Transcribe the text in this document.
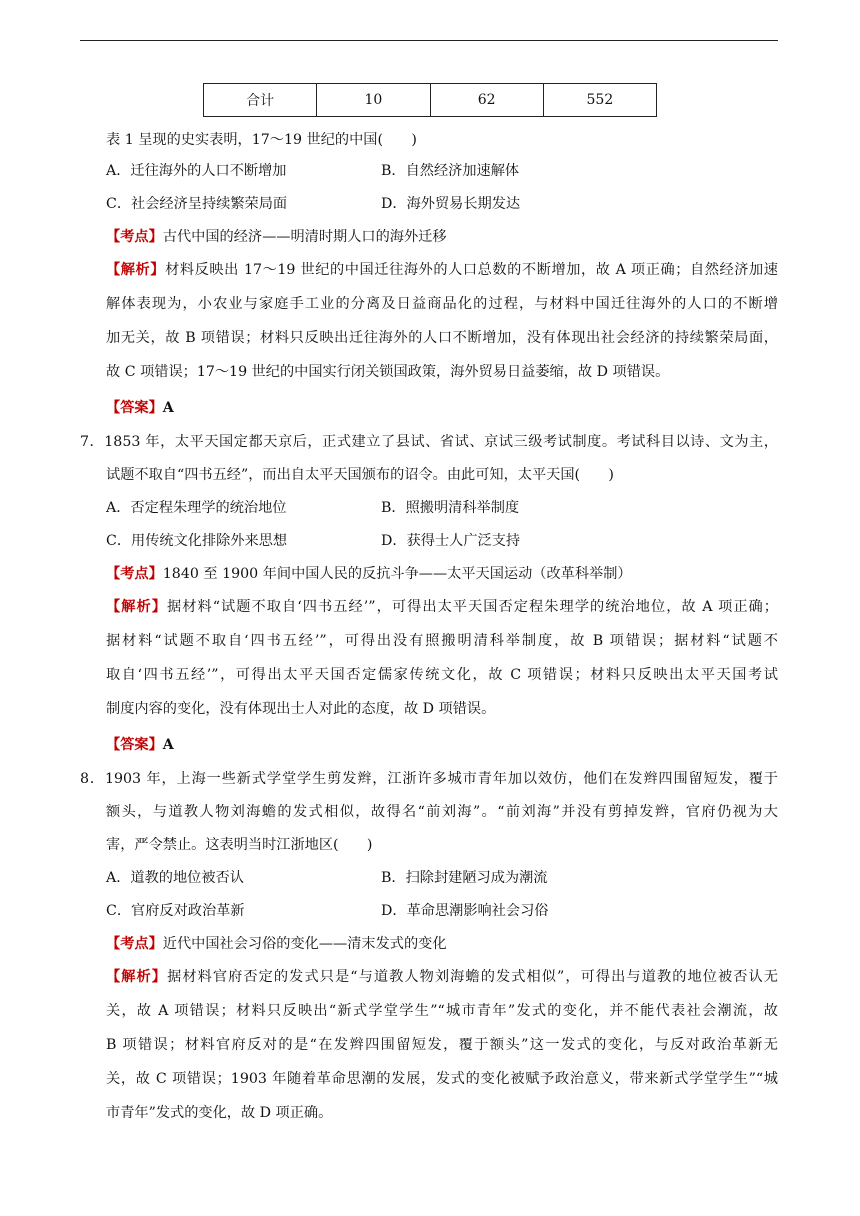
合计	10	62	552
表 1 呈现的史实表明，17～19 世纪的中国(　　)
A．迁往海外的人口不断增加	B．自然经济加速解体
C．社会经济呈持续繁荣局面	D．海外贸易长期发达
【考点】古代中国的经济——明清时期人口的海外迁移
【解析】材料反映出 17～19 世纪的中国迁往海外的人口总数的不断增加，故 A 项正确；自然经济加速
解体表现为，小农业与家庭手工业的分离及日益商品化的过程，与材料中国迁往海外的人口的不断增
加无关，故 B 项错误；材料只反映出迁往海外的人口不断增加，没有体现出社会经济的持续繁荣局面，
故 C 项错误；17～19 世纪的中国实行闭关锁国政策，海外贸易日益萎缩，故 D 项错误。
【答案】A
7．1853 年，太平天国定都天京后，正式建立了县试、省试、京试三级考试制度。考试科目以诗、文为主，
试题不取自“四书五经”，而出自太平天国颁布的诏令。由此可知，太平天国(　　)
A．否定程朱理学的统治地位	B．照搬明清科举制度
C．用传统文化排除外来思想	D．获得士人广泛支持
【考点】1840 至 1900 年间中国人民的反抗斗争——太平天国运动（改革科举制）
【解析】据材料“试题不取自‘四书五经’”，可得出太平天国否定程朱理学的统治地位，故 A 项正确；
据材料“试题不取自‘四书五经’”，可得出没有照搬明清科举制度，故 B 项错误；据材料“试题不
取自‘四书五经’”，可得出太平天国否定儒家传统文化，故 C 项错误；材料只反映出太平天国考试
制度内容的变化，没有体现出士人对此的态度，故 D 项错误。
【答案】A
8．1903 年，上海一些新式学堂学生剪发辫，江浙许多城市青年加以效仿，他们在发辫四围留短发，覆于
额头，与道教人物刘海蟾的发式相似，故得名“前刘海”。“前刘海”并没有剪掉发辫，官府仍视为大
害，严令禁止。这表明当时江浙地区(　　)
A．道教的地位被否认	B．扫除封建陋习成为潮流
C．官府反对政治革新	D．革命思潮影响社会习俗
【考点】近代中国社会习俗的变化——清末发式的变化
【解析】据材料官府否定的发式只是“与道教人物刘海蟾的发式相似”，可得出与道教的地位被否认无
关，故 A 项错误；材料只反映出“新式学堂学生”“城市青年”发式的变化，并不能代表社会潮流，故
B 项错误；材料官府反对的是“在发辫四围留短发，覆于额头”这一发式的变化，与反对政治革新无
关，故 C 项错误；1903 年随着革命思潮的发展，发式的变化被赋予政治意义，带来新式学堂学生”“城
市青年”发式的变化，故 D 项正确。
